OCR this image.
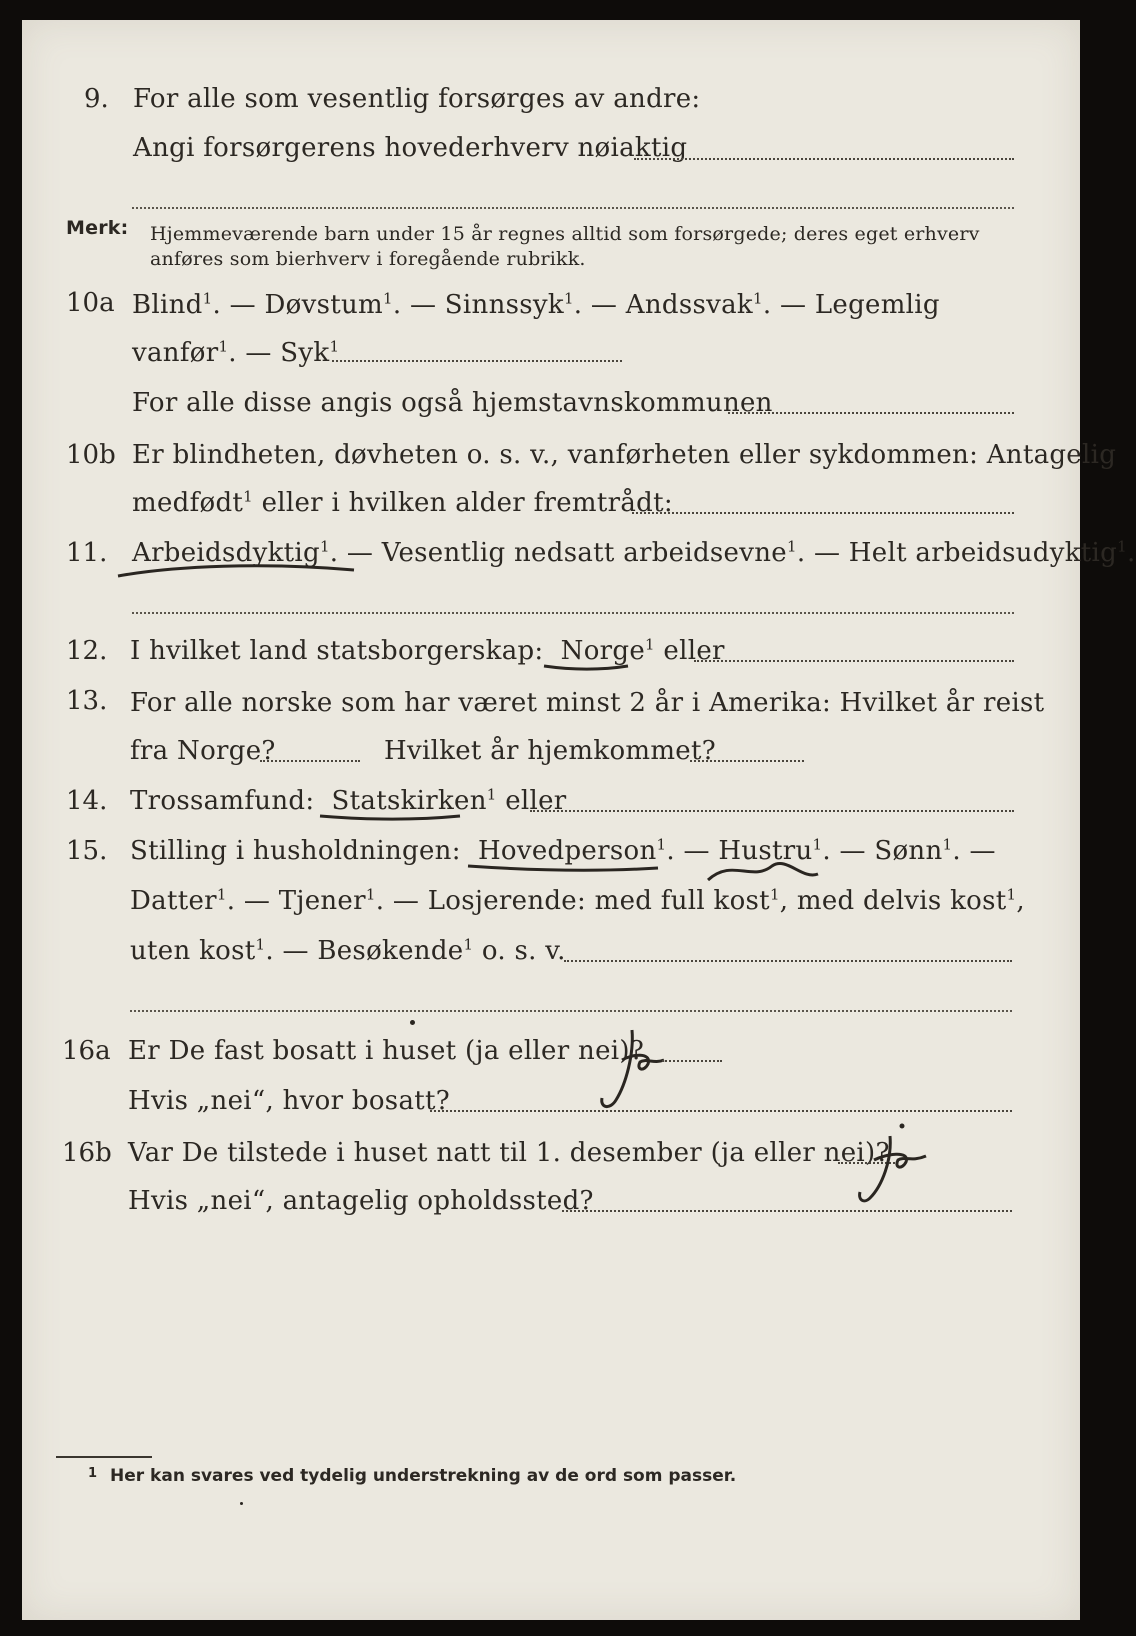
9. For alle som vesentlig forsørges av andre:
Angi forsørgerens hovederhverv nøiaktig
Merk: Hjemmeværende barn under 15 år regnes alltid som forsørgede; deres eget erhverv
anføres som bierhverv i foregående rubrikk.
10a Blind$^1$. — Døvstum$^1$. — Sinnssyk$^1$. — Andssvak$^1$. — Legemlig
vanfør$^1$. — Syk$^1$
For alle disse angis også hjemstavnskommunen
10b Er blindheten, døvheten o. s. v., vanførheten eller sykdommen: Antagelig
medfødt$^1$ eller i hvilken alder fremtrådt:
11. Arbeidsdyktig$^1$. — Vesentlig nedsatt arbeidsevne$^1$. — Helt arbeidsudyktig$^1$.
12. I hvilket land statsborgerskap: Norge$^1$ eller
13. For alle norske som har været minst 2 år i Amerika: Hvilket år reist
fra Norge?	Hvilket år hjemkommet?
14. Trossamfund: Statskirken$^1$ eller
15. Stilling i husholdningen: Hovedperson$^1$. — Hustru$^1$. — Sønn$^1$. —
Datter$^1$. — Tjener$^1$. — Losjerende: med full kost$^1$, med delvis kost$^1$,
uten kost$^1$. — Besøkende$^1$ o. s. v.
16a Er De fast bosatt i huset (ja eller nei)?
Hvis „nei“, hvor bosatt?
16b Var De tilstede i huset natt til 1. desember (ja eller nei)?
Hvis „nei“, antagelig opholdssted?
1 Her kan svares ved tydelig understrekning av de ord som passer.
